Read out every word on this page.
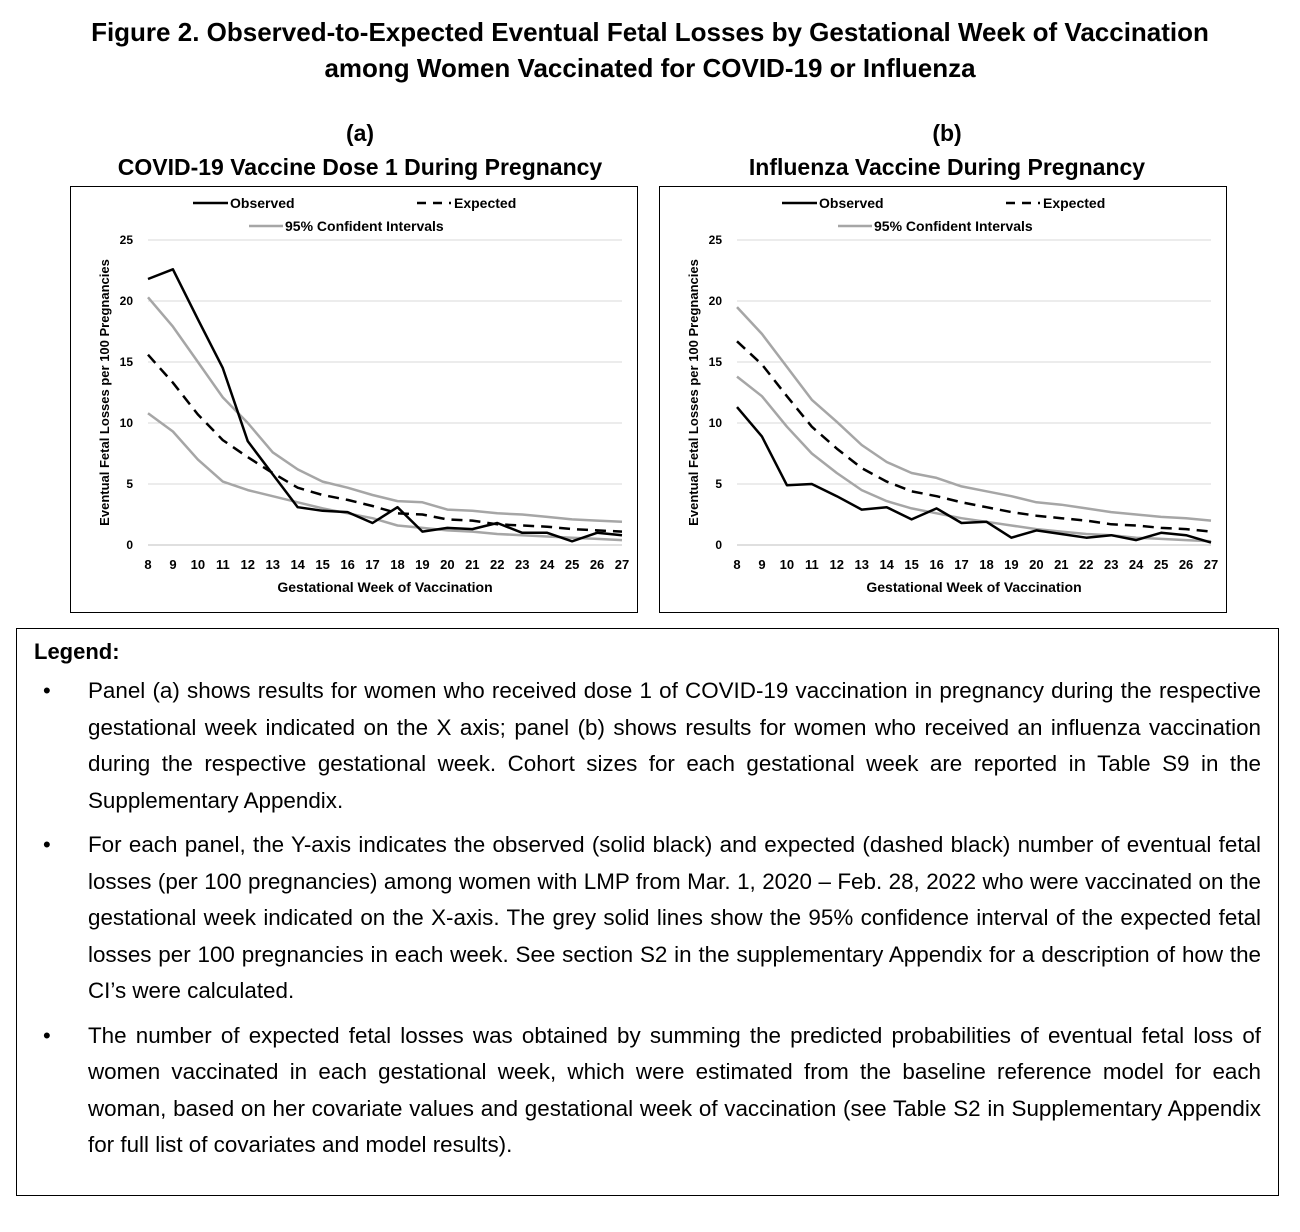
Figure 2. Observed-to-Expected Eventual Fetal Losses by Gestational Week of Vaccination
among Women Vaccinated for COVID-19 or Influenza
(a)
COVID-19 Vaccine Dose 1 During Pregnancy
0
5
10
15
20
25
8 9 10 11 12 13 14 15 16 17 18 19 20 21 22 23 24 25 26 27
Gestational Week of Vaccination
Eventual Fetal Losses per 100 Pregnancies
Observed	Expected
95% Confident Intervals
(b)
Influenza Vaccine During Pregnancy
0
5
10
15
20
25
8 9 10 11 12 13 14 15 16 17 18 19 20 21 22 23 24 25 26 27
Gestational Week of Vaccination
Eventual Fetal Losses per 100 Pregnancies
Observed	Expected
95% Confident Intervals
Legend:
• Panel (a) shows results for women who received dose 1 of COVID-19 vaccination in pregnancy during the respective gestational week indicated on the X axis; panel (b) shows results for women who received an influenza vaccination during the respective gestational week. Cohort sizes for each gestational week are reported in Table S9 in the Supplementary Appendix.
• For each panel, the Y-axis indicates the observed (solid black) and expected (dashed black) number of eventual fetal losses (per 100 pregnancies) among women with LMP from Mar. 1, 2020 – Feb. 28, 2022 who were vaccinated on the gestational week indicated on the X-axis. The grey solid lines show the 95% confidence interval of the expected fetal losses per 100 pregnancies in each week. See section S2 in the supplementary Appendix for a description of how the CI’s were calculated.
• The number of expected fetal losses was obtained by summing the predicted probabilities of eventual fetal loss of women vaccinated in each gestational week, which were estimated from the baseline reference model for each woman, based on her covariate values and gestational week of vaccination (see Table S2 in Supplementary Appendix for full list of covariates and model results).
